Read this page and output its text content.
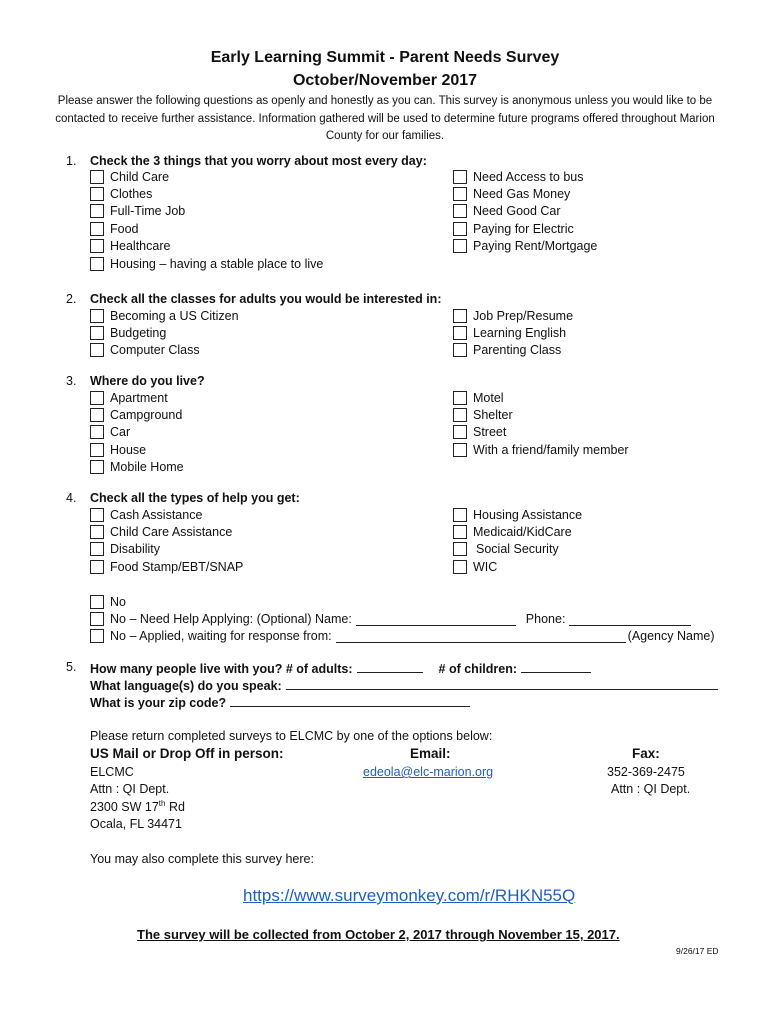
Early Learning Summit - Parent Needs Survey
October/November 2017
Please answer the following questions as openly and honestly as you can. This survey is anonymous unless you would like to be contacted to receive further assistance. Information gathered will be used to determine future programs offered throughout Marion County for our families.
1. Check the 3 things that you worry about most every day:
Child Care
Clothes
Full-Time Job
Food
Healthcare
Housing – having a stable place to live
Need Access to bus
Need Gas Money
Need Good Car
Paying for Electric
Paying Rent/Mortgage
2. Check all the classes for adults you would be interested in:
Becoming a US Citizen
Budgeting
Computer Class
Job Prep/Resume
Learning English
Parenting Class
3. Where do you live?
Apartment
Campground
Car
House
Mobile Home
Motel
Shelter
Street
With a friend/family member
4. Check all the types of help you get:
Cash Assistance
Child Care Assistance
Disability
Food Stamp/EBT/SNAP
Housing Assistance
Medicaid/KidCare
Social Security
WIC
No
No – Need Help Applying: (Optional) Name:	Phone:
No – Applied, waiting for response from:	(Agency Name)
5. How many people live with you? # of adults:	# of children:
What language(s) do you speak:
What is your zip code?
Please return completed surveys to ELCMC by one of the options below:
US Mail or Drop Off in person:
ELCMC
Attn : QI Dept.
2300 SW 17th Rd
Ocala, FL 34471
Email:
edeola@elc-marion.org
Fax:
352-369-2475
Attn : QI Dept.
You may also complete this survey here:
https://www.surveymonkey.com/r/RHKN55Q
The survey will be collected from October 2, 2017 through November 15, 2017.
9/26/17 ED
